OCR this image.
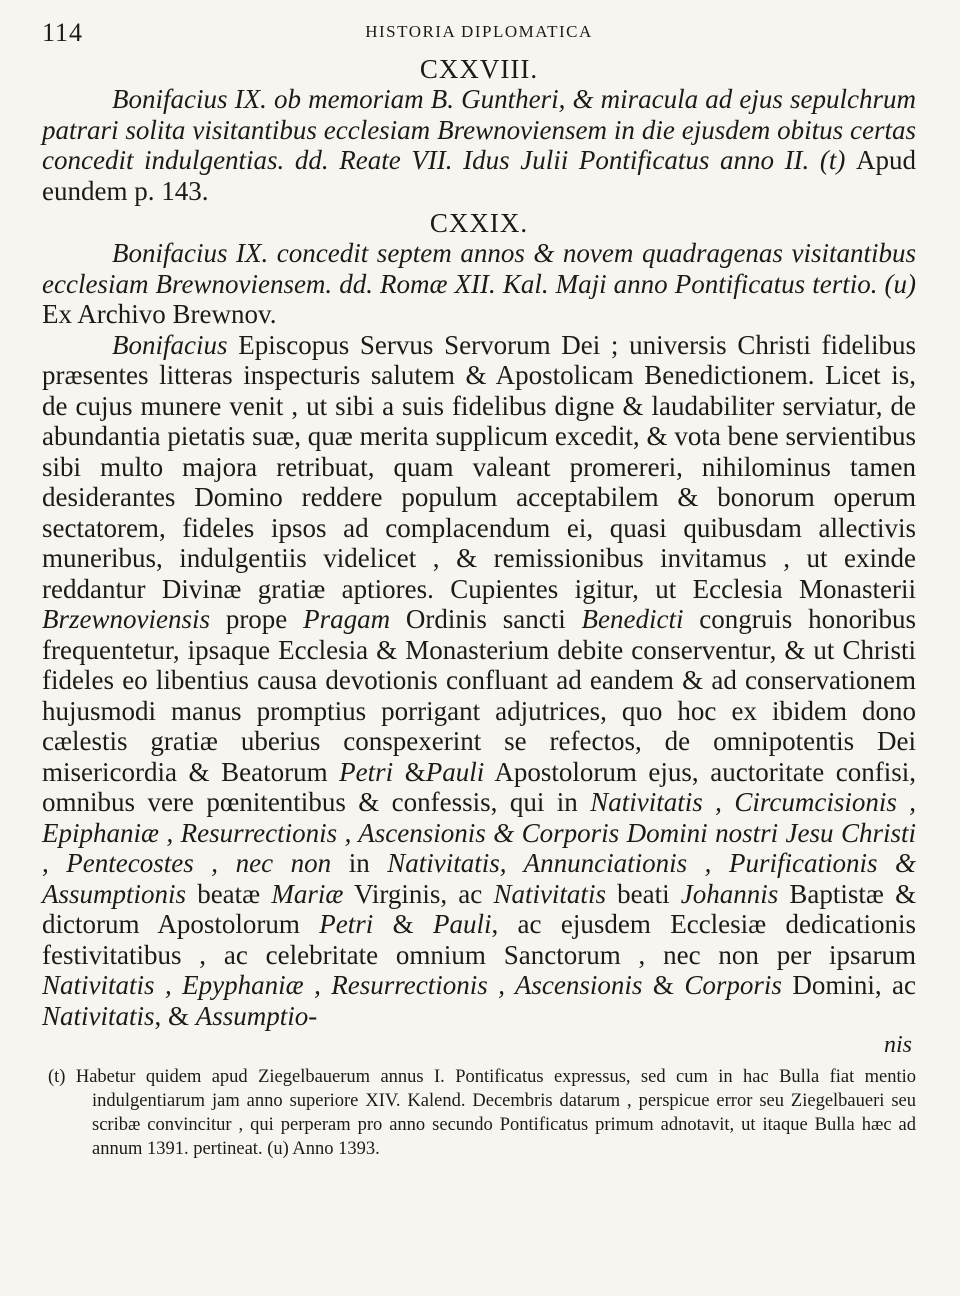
114	HISTORIA DIPLOMATICA

CXXVIII.

Bonifacius IX. ob memoriam B. Guntheri, & miracula ad ejus sepulchrum patrari solita visitantibus ecclesiam Brewnoviensem in die ejusdem obitus certas concedit indulgentias. dd. Reate VII. Idus Julii Pontificatus anno II. (t) Apud eundem p. 143.

CXXIX.

Bonifacius IX. concedit septem annos & novem quadragenas visitantibus ecclesiam Brewnoviensem. dd. Romæ XII. Kal. Maji anno Pontificatus tertio. (u) Ex Archivo Brewnov.

Bonifacius Episcopus Servus Servorum Dei ; universis Christi fidelibus præsentes litteras inspecturis salutem & Apostolicam Benedictionem. Licet is, de cujus munere venit , ut sibi a suis fidelibus digne & laudabiliter serviatur, de abundantia pietatis suæ, quæ merita supplicum excedit, & vota bene servientibus sibi multo majora retribuat, quam valeant promereri, nihilominus tamen desiderantes Domino reddere populum acceptabilem & bonorum operum sectatorem, fideles ipsos ad complacendum ei, quasi quibusdam allectivis muneribus, indulgentiis videlicet , & remissionibus invitamus , ut exinde reddantur Divinæ gratiæ aptiores. Cupientes igitur, ut Ecclesia Monasterii Brzewnoviensis prope Pragam Ordinis sancti Benedicti congruis honoribus frequentetur, ipsaque Ecclesia & Monasterium debite conserventur, & ut Christi fideles eo libentius causa devotionis confluant ad eandem & ad conservationem hujusmodi manus promptius porrigant adjutrices, quo hoc ex ibidem dono cælestis gratiæ uberius conspexerint se refectos, de omnipotentis Dei misericordia & Beatorum Petri &Pauli Apostolorum ejus, auctoritate confisi, omnibus vere pœnitentibus & confessis, qui in Nativitatis , Circumcisionis , Epiphaniæ , Resurrectionis , Ascensionis & Corporis Domini nostri Jesu Christi , Pentecostes , nec non in Nativitatis, Annunciationis , Purificationis & Assumptionis beatæ Mariæ Virginis, ac Nativitatis beati Johannis Baptistæ & dictorum Apostolorum Petri & Pauli, ac ejusdem Ecclesiæ dedicationis festivitatibus , ac celebritate omnium Sanctorum , nec non per ipsarum Nativitatis , Epyphaniæ , Resurrectionis , Ascensionis & Corporis Domini, ac Nativitatis, & Assumptio-

nis

(t) Habetur quidem apud Ziegelbauerum annus I. Pontificatus expressus, sed cum in hac Bulla fiat mentio indulgentiarum jam anno superiore XIV. Kalend. Decembris datarum , perspicue error seu Ziegelbaueri seu scribæ convincitur , qui perperam pro anno secundo Pontificatus primum adnotavit, ut itaque Bulla hæc ad annum 1391. pertineat. (u) Anno 1393.
